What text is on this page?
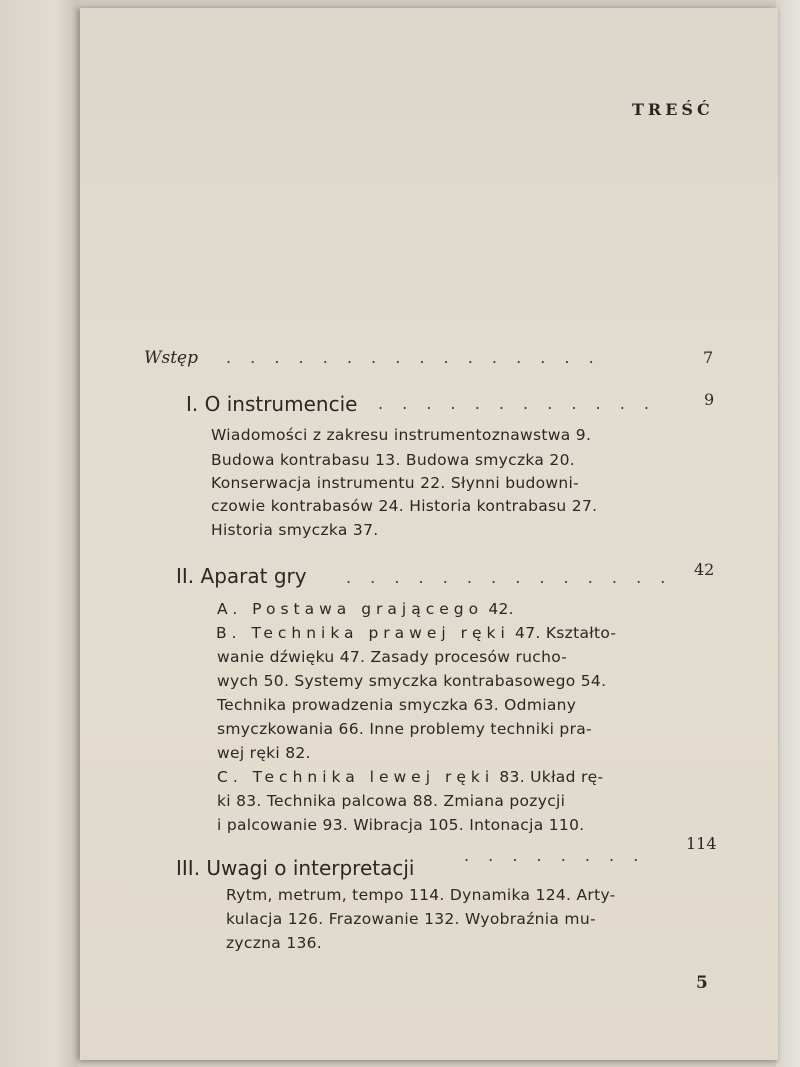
TREŚĆ
Wstęp . . . . . . . . . . . . . . . .	7
I. O instrumencie . . . . . . . . . . . .	9
Wiadomości z zakresu instrumentoznawstwa 9.
Budowa kontrabasu 13. Budowa smyczka 20.
Konserwacja instrumentu 22. Słynni budowni-
czowie kontrabasów 24. Historia kontrabasu 27.
Historia smyczka 37.
II. Aparat gry . . . . . . . . . . . . . . 42
A. Postawa grającego 42.
B. Technika prawej ręki 47. Kształto-
wanie dźwięku 47. Zasady procesów rucho-
wych 50. Systemy smyczka kontrabasowego 54.
Technika prowadzenia smyczka 63. Odmiany
smyczkowania 66. Inne problemy techniki pra-
wej ręki 82.
C. Technika lewej ręki 83. Układ rę-
ki 83. Technika palcowa 88. Zmiana pozycji
i palcowanie 93. Wibracja 105. Intonacja 110.
III. Uwagi o interpretacji
. . . . . . . .
114
Rytm, metrum, tempo 114. Dynamika 124. Arty-
kulacja 126. Frazowanie 132. Wyobraźnia mu-
zyczna 136.
5
